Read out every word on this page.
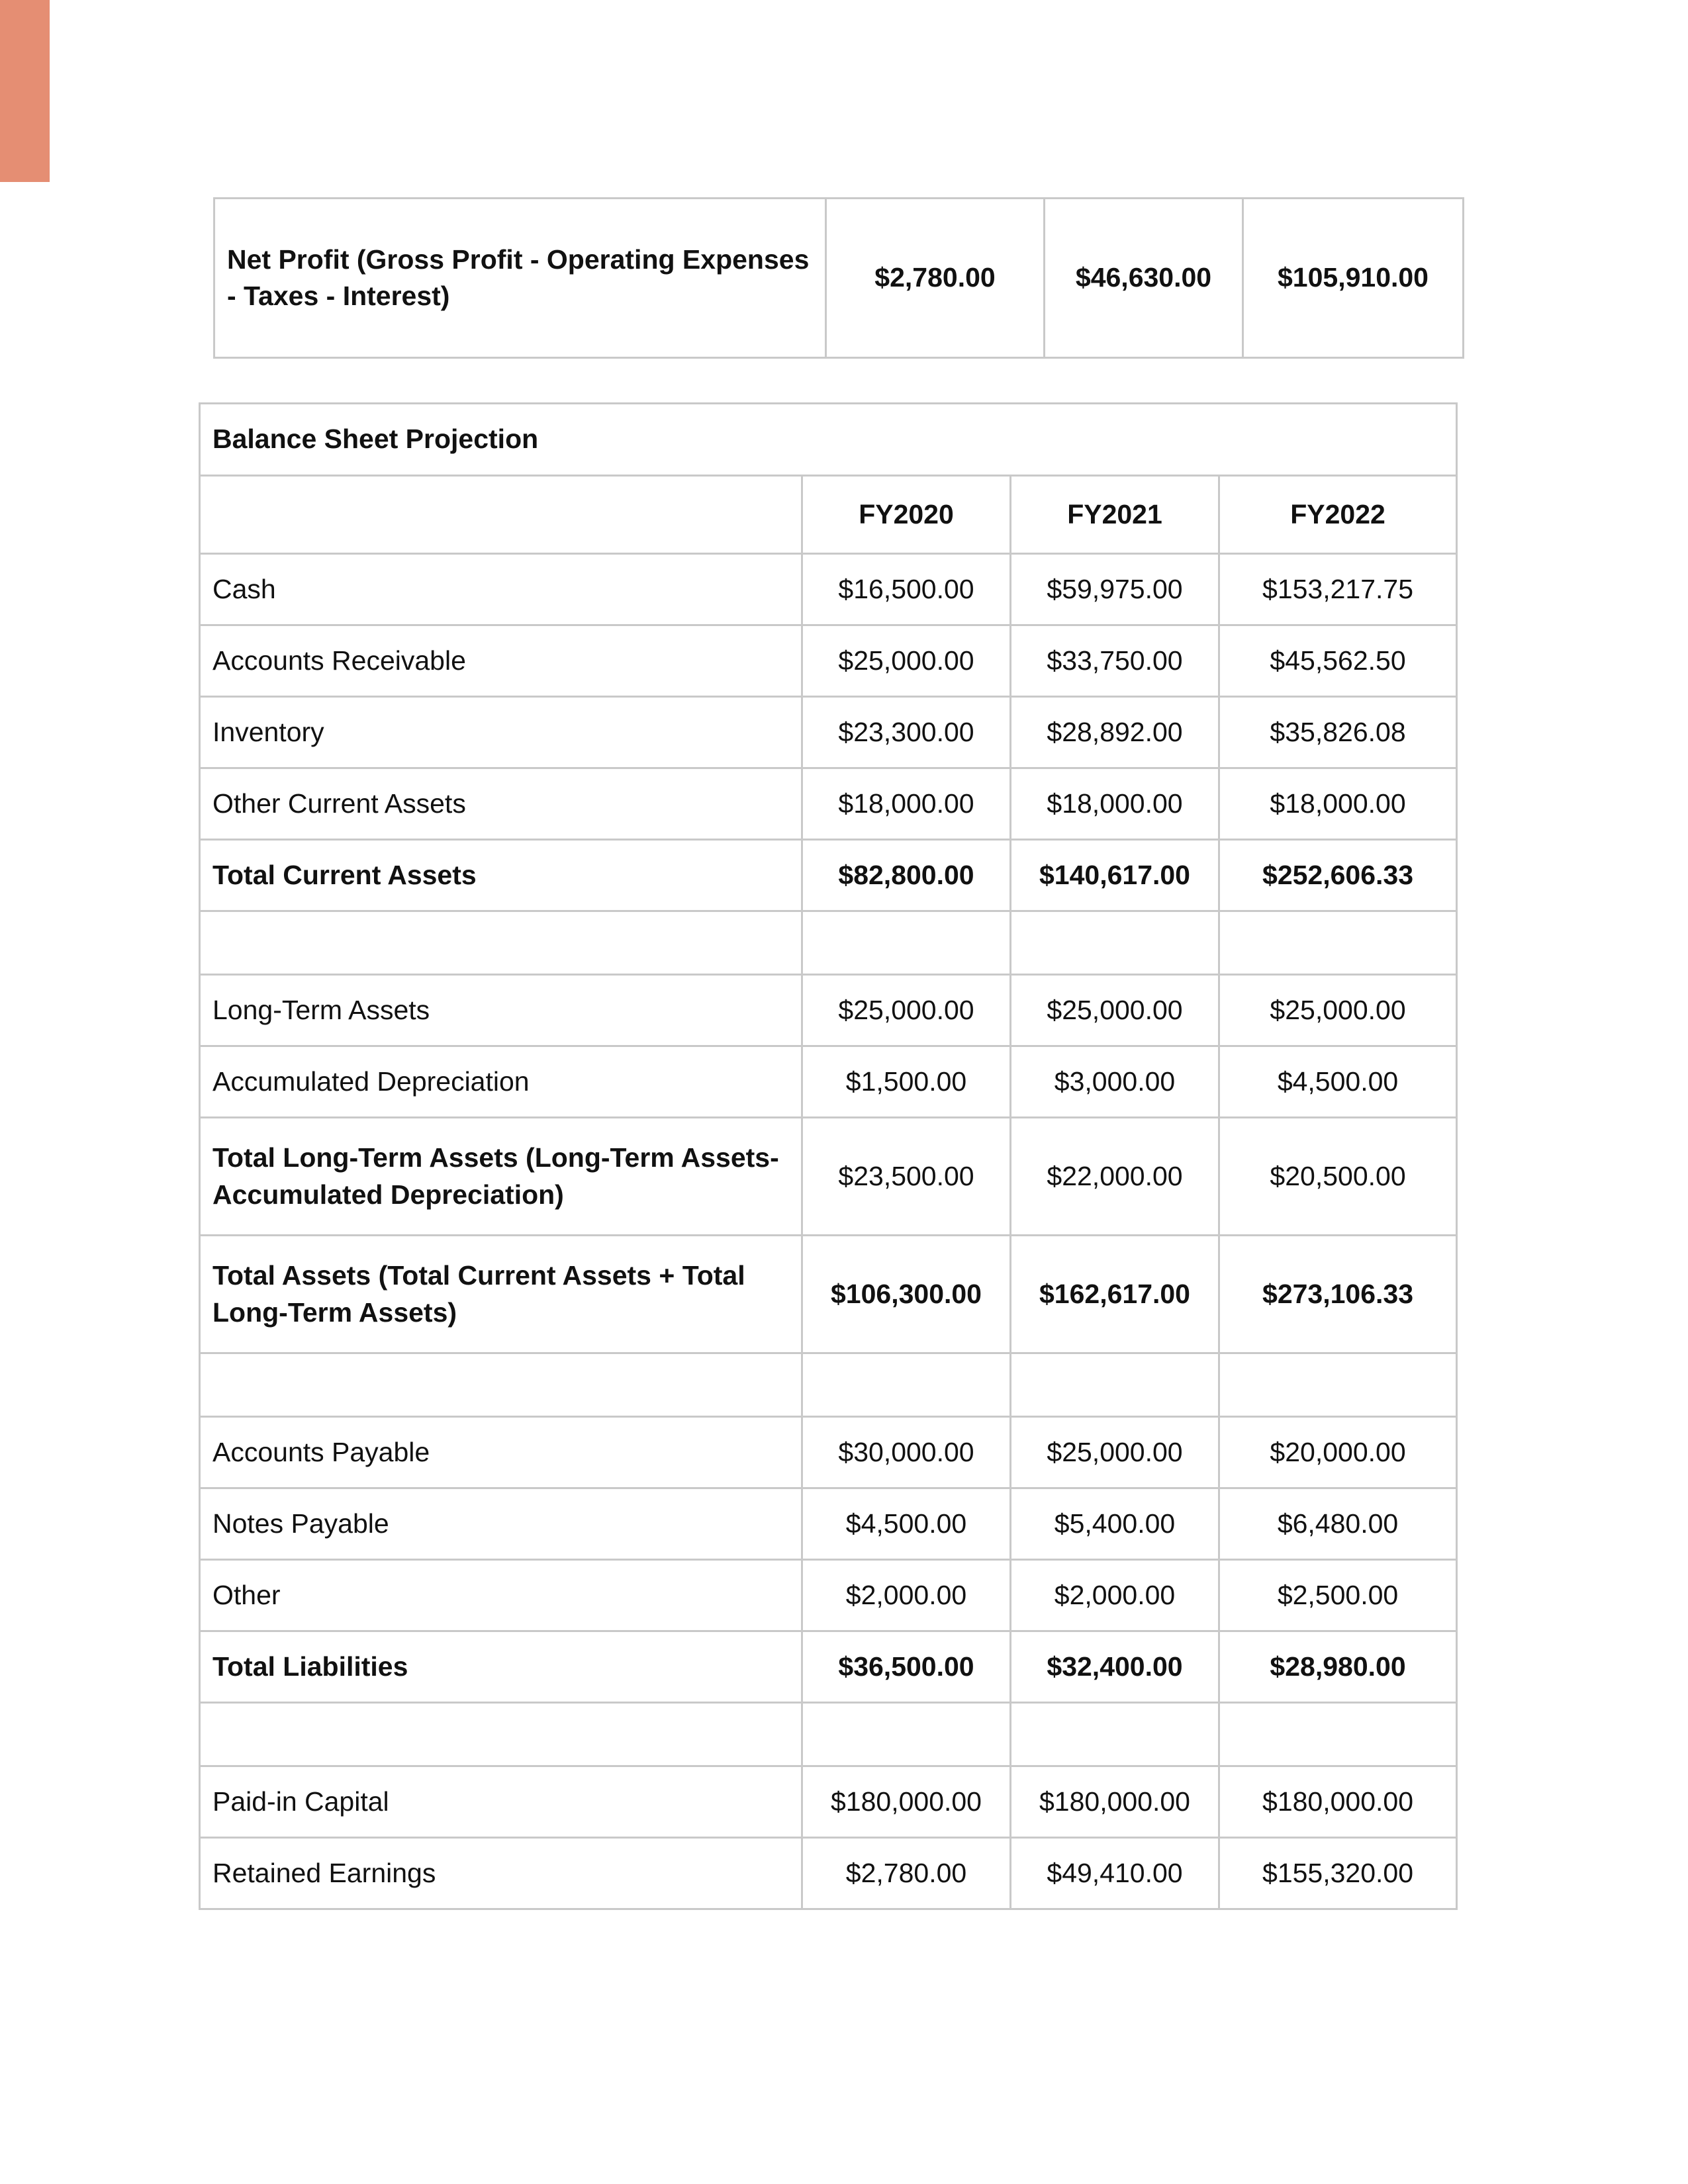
Net Profit (Gross Profit - Operating Expenses - Taxes - Interest)	$2,780.00	$46,630.00	$105,910.00
Balance Sheet Projection			
	FY2020	FY2021	FY2022
Cash	$16,500.00	$59,975.00	$153,217.75
Accounts Receivable	$25,000.00	$33,750.00	$45,562.50
Inventory	$23,300.00	$28,892.00	$35,826.08
Other Current Assets	$18,000.00	$18,000.00	$18,000.00
Total Current Assets	$82,800.00	$140,617.00	$252,606.33

Long-Term Assets	$25,000.00	$25,000.00	$25,000.00
Accumulated Depreciation	$1,500.00	$3,000.00	$4,500.00
Total Long-Term Assets (Long-Term Assets-Accumulated Depreciation)	$23,500.00	$22,000.00	$20,500.00
Total Assets (Total Current Assets + Total Long-Term Assets)	$106,300.00	$162,617.00	$273,106.33

Accounts Payable	$30,000.00	$25,000.00	$20,000.00
Notes Payable	$4,500.00	$5,400.00	$6,480.00
Other	$2,000.00	$2,000.00	$2,500.00
Total Liabilities	$36,500.00	$32,400.00	$28,980.00

Paid-in Capital	$180,000.00	$180,000.00	$180,000.00
Retained Earnings	$2,780.00	$49,410.00	$155,320.00
